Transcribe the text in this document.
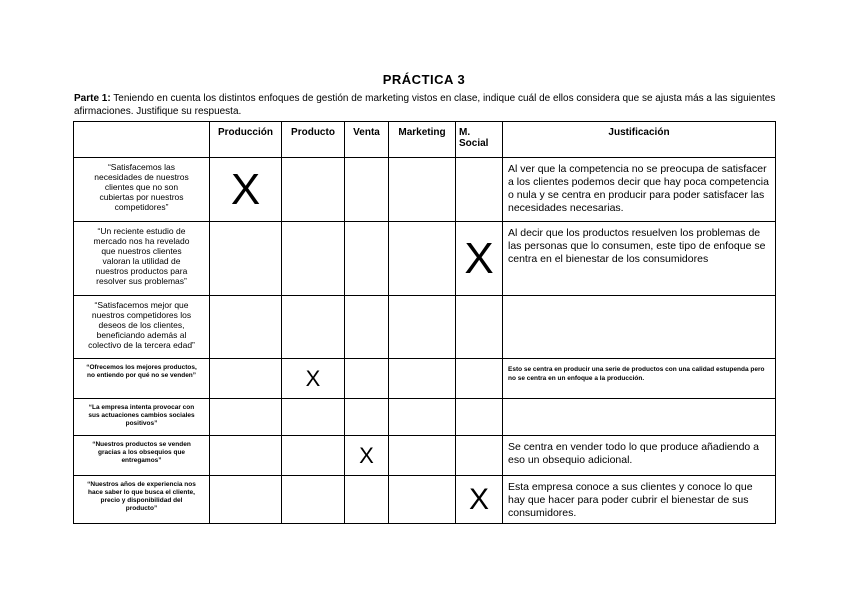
PRÁCTICA 3
Parte 1: Teniendo en cuenta los distintos enfoques de gestión de marketing vistos en clase, indique cuál de ellos considera que se ajusta más a las siguientes afirmaciones. Justifique su respuesta.
	Producción	Producto	Venta	Marketing	M. Social	Justificación
“Satisfacemos las necesidades de nuestros clientes que no son cubiertas por nuestros competidores”	X					Al ver que la competencia no se preocupa de satisfacer a los clientes podemos decir que hay poca competencia o nula y se centra en producir para poder satisfacer las necesidades necesarias.
“Un reciente estudio de mercado nos ha revelado que nuestros clientes valoran la utilidad de nuestros productos para resolver sus problemas”					X	Al decir que los productos resuelven los problemas de las personas que lo consumen, este tipo de enfoque se centra en el bienestar de los consumidores
“Satisfacemos mejor que nuestros competidores los deseos de los clientes, beneficiando además al colectivo de la tercera edad”						
“Ofrecemos los mejores productos, no entiendo por qué no se venden”		X				Esto se centra en producir una serie de productos con una calidad estupenda pero no se centra en un enfoque a la producción.
“La empresa intenta provocar con sus actuaciones cambios sociales positivos”						
“Nuestros productos se venden gracias a los obsequios que entregamos”			X			Se centra en vender todo lo que produce añadiendo a eso un obsequio adicional.
“Nuestros años de experiencia nos hace saber lo que busca el cliente, precio y disponibilidad del producto”					X	Esta empresa conoce a sus clientes y conoce lo que hay que hacer para poder cubrir el bienestar de sus consumidores.
